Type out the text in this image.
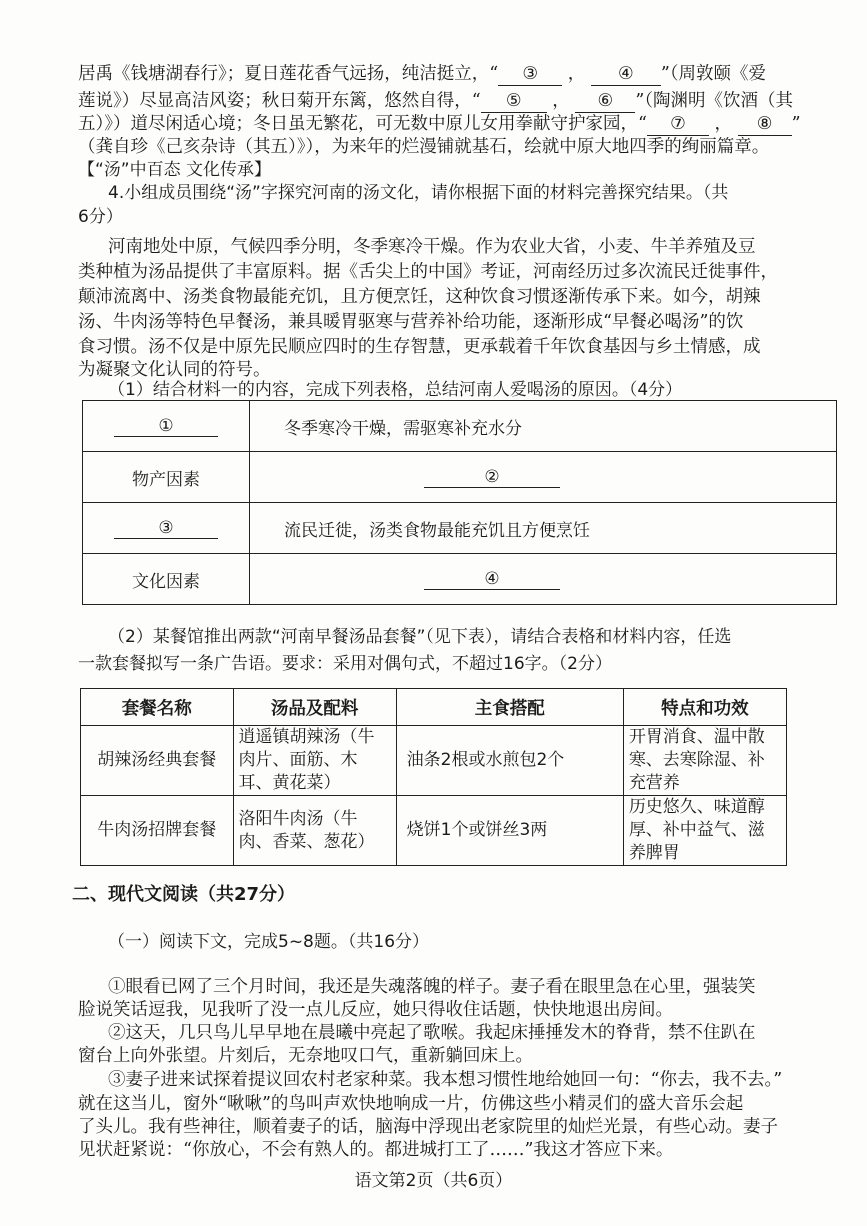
居禹《钱塘湖春行》；夏日莲花香气远扬，纯洁挺立，“ ③ ， ④ ”（周敦颐《爱
莲说》）尽显高洁风姿；秋日菊开东篱，悠然自得，“ ⑤ ， ⑥ ”（陶渊明《饮酒（其
五）》）道尽闲适心境；冬日虽无繁花，可无数中原儿女用拳献守护家园，“ ⑦ ， ⑧ ”
（龚自珍《己亥杂诗（其五）》），为来年的烂漫铺就基石，绘就中原大地四季的绚丽篇章。
【“汤”中百态 文化传承】
4.小组成员围绕“汤”字探究河南的汤文化，请你根据下面的材料完善探究结果。（共
6分）
河南地处中原，气候四季分明，冬季寒冷干燥。作为农业大省，小麦、牛羊养殖及豆
类种植为汤品提供了丰富原料。据《舌尖上的中国》考证，河南经历过多次流民迁徙事件，
颠沛流离中、汤类食物最能充饥，且方便烹饪，这种饮食习惯逐渐传承下来。如今，胡辣
汤、牛肉汤等特色早餐汤，兼具暖胃驱寒与营养补给功能，逐渐形成“早餐必喝汤”的饮
食习惯。汤不仅是中原先民顺应四时的生存智慧，更承载着千年饮食基因与乡土情感，成
为凝聚文化认同的符号。
（1）结合材料一的内容，完成下列表格，总结河南人爱喝汤的原因。（4分）
①	冬季寒冷干燥，需驱寒补充水分
物产因素	②
③	流民迁徙，汤类食物最能充饥且方便烹饪
文化因素	④
（2）某餐馆推出两款“河南早餐汤品套餐”（见下表），请结合表格和材料内容，任选
一款套餐拟写一条广告语。要求：采用对偶句式，不超过16字。（2分）
套餐名称	汤品及配料	主食搭配	特点和功效
胡辣汤经典套餐	逍遥镇胡辣汤（牛肉片、面筋、木耳、黄花菜）	油条2根或水煎包2个	开胃消食、温中散寒、去寒除湿、补充营养
牛肉汤招牌套餐	洛阳牛肉汤（牛肉、香菜、葱花）	烧饼1个或饼丝3两	历史悠久、味道醇厚、补中益气、滋养脾胃
二、现代文阅读（共27分）
（一）阅读下文，完成5~8题。（共16分）
①眼看已网了三个月时间，我还是失魂落魄的样子。妻子看在眼里急在心里，强装笑
脸说笑话逗我，见我听了没一点儿反应，她只得收住话题，快快地退出房间。
②这天，几只鸟儿早早地在晨曦中亮起了歌喉。我起床捶捶发木的脊背，禁不住趴在
窗台上向外张望。片刻后，无奈地叹口气，重新躺回床上。
③妻子进来试探着提议回农村老家种菜。我本想习惯性地给她回一句：“你去，我不去。”
就在这当儿，窗外“啾啾”的鸟叫声欢快地响成一片，仿佛这些小精灵们的盛大音乐会起
了头儿。我有些神往，顺着妻子的话，脑海中浮现出老家院里的灿烂光景，有些心动。妻子
见状赶紧说：“你放心，不会有熟人的。都进城打工了……”我这才答应下来。
语文第2页（共6页）
